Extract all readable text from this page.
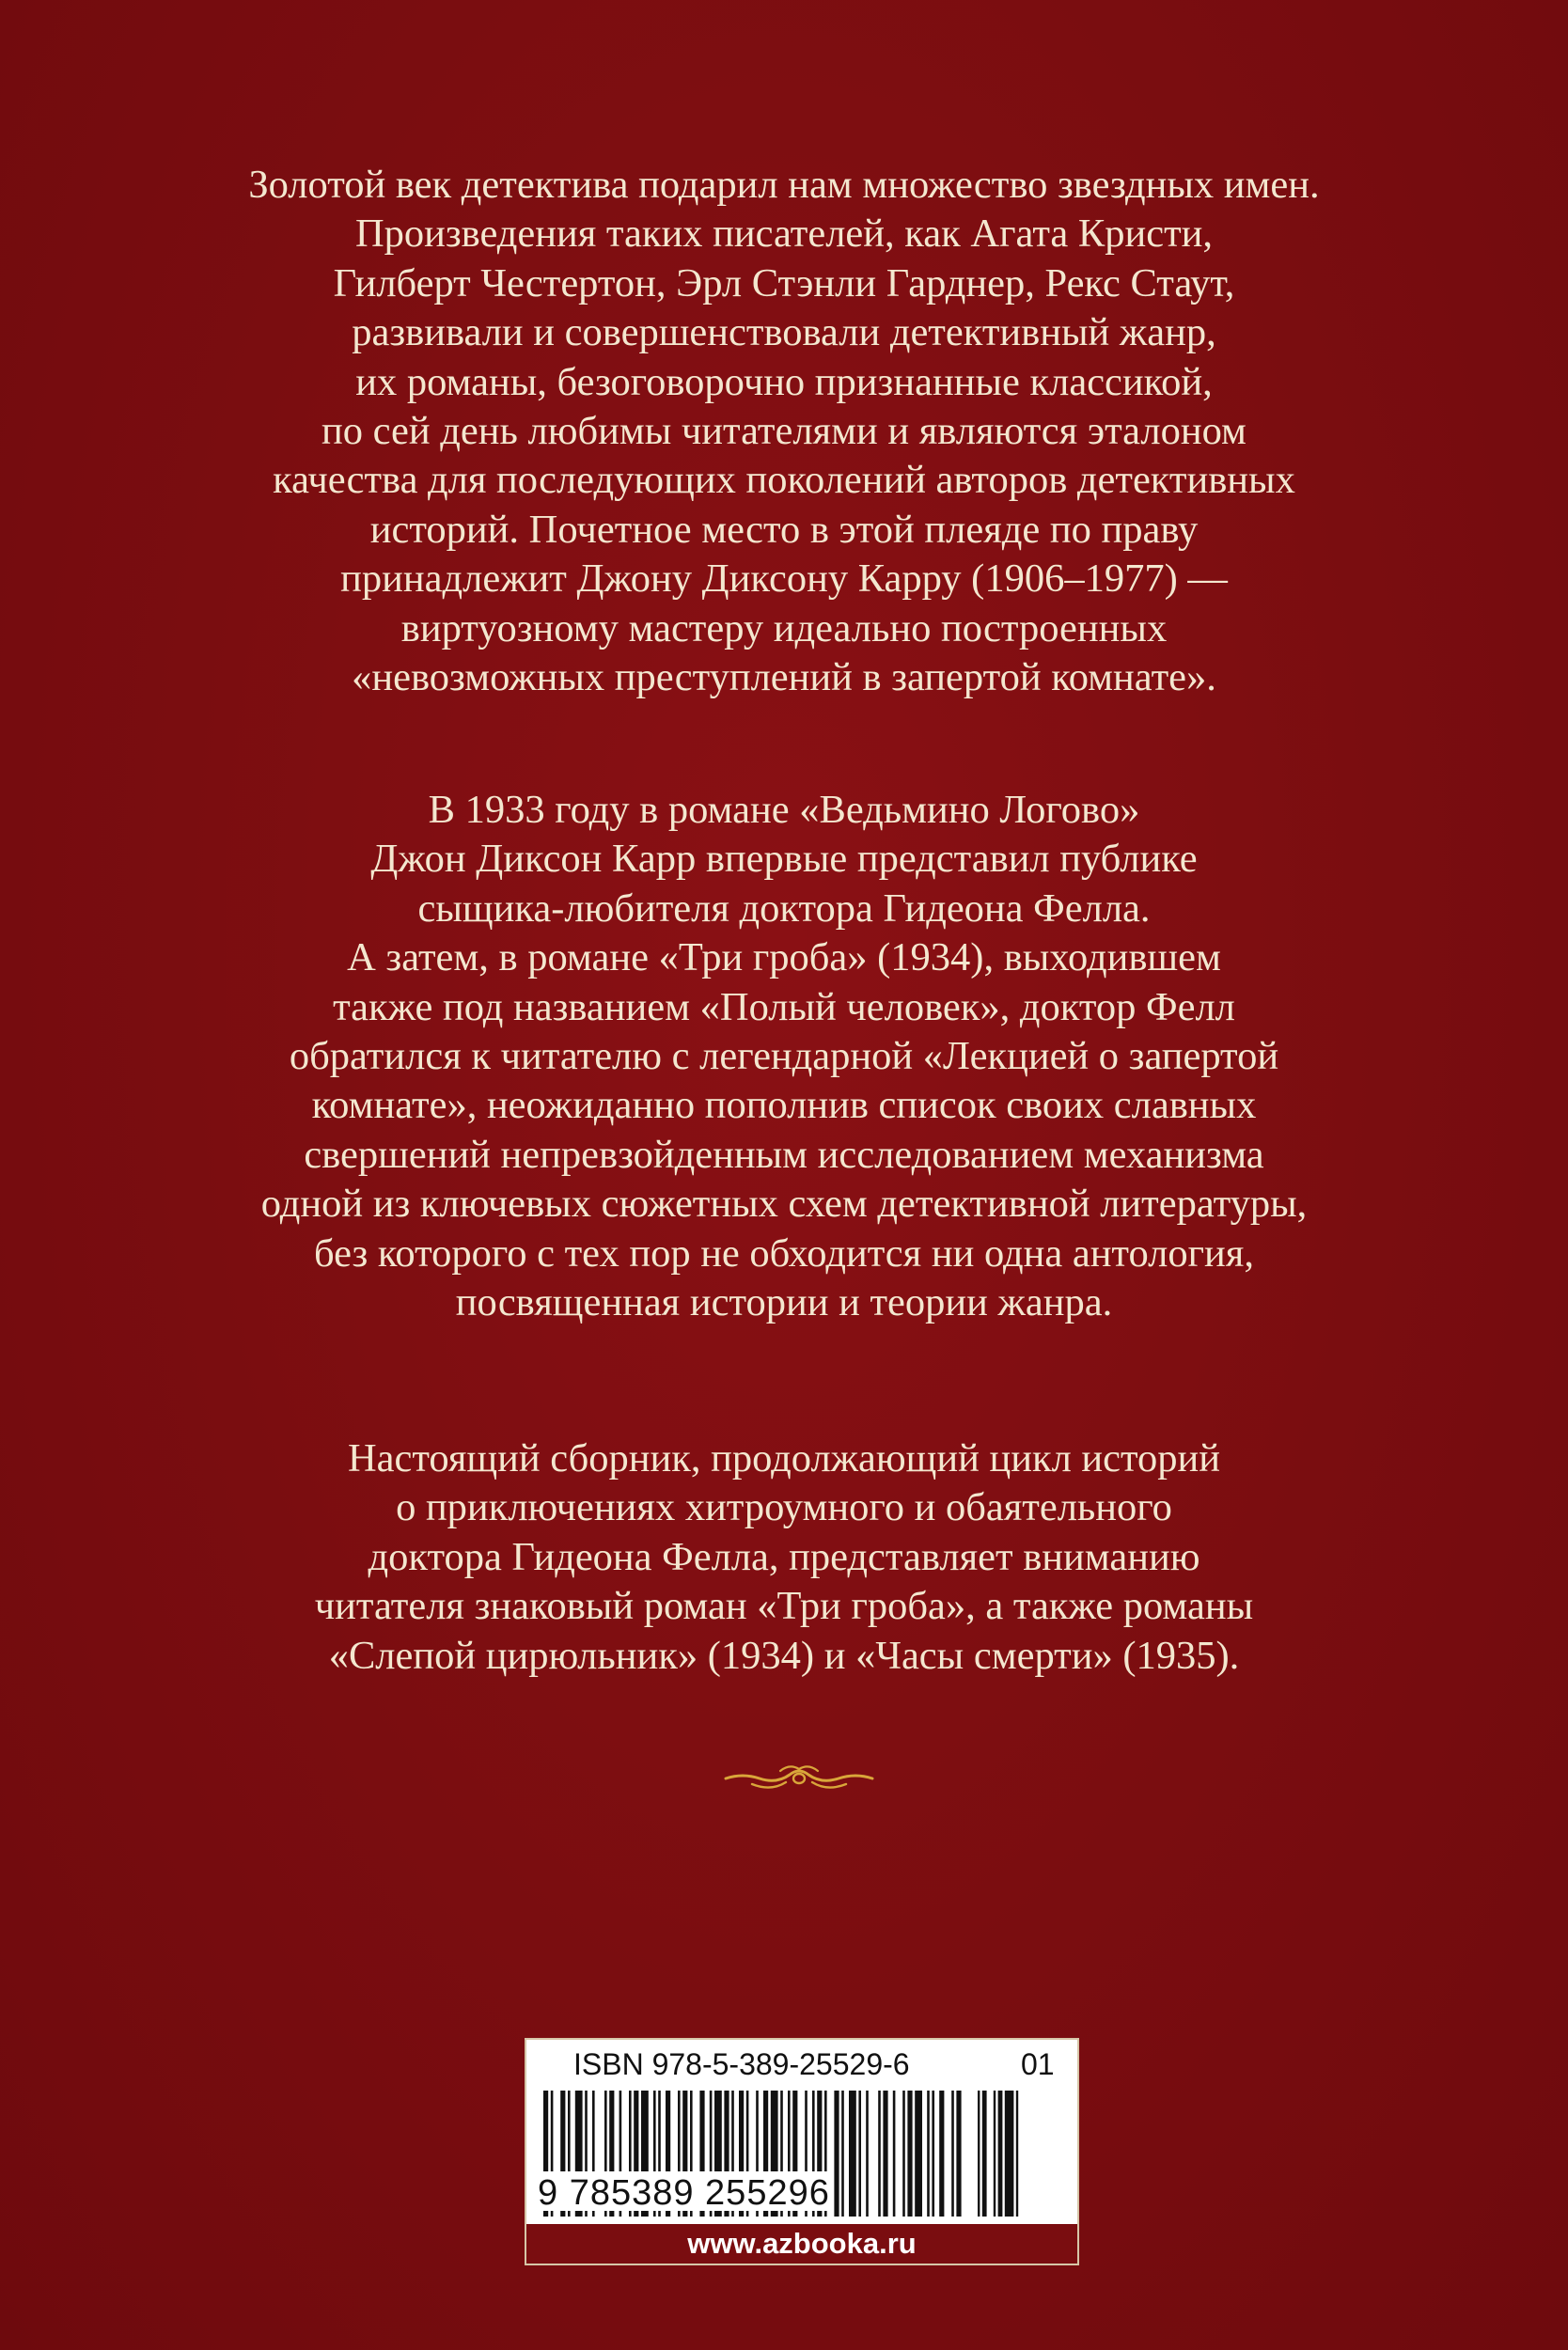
Золотой век детектива подарил нам множество звездных имен.
Произведения таких писателей, как Агата Кристи,
Гилберт Честертон, Эрл Стэнли Гарднер, Рекс Стаут,
развивали и совершенствовали детективный жанр,
их романы, безоговорочно признанные классикой,
по сей день любимы читателями и являются эталоном
качества для последующих поколений авторов детективных
историй. Почетное место в этой плеяде по праву
принадлежит Джону Диксону Карру (1906–1977) —
виртуозному мастеру идеально построенных
«невозможных преступлений в запертой комнате».
В 1933 году в романе «Ведьмино Логово»
Джон Диксон Карр впервые представил публике
сыщика-любителя доктора Гидеона Фелла.
А затем, в романе «Три гроба» (1934), выходившем
также под названием «Полый человек», доктор Фелл
обратился к читателю с легендарной «Лекцией о запертой
комнате», неожиданно пополнив список своих славных
свершений непревзойденным исследованием механизма
одной из ключевых сюжетных схем детективной литературы,
без которого с тех пор не обходится ни одна антология,
посвященная истории и теории жанра.
Настоящий сборник, продолжающий цикл историй
о приключениях хитроумного и обаятельного
доктора Гидеона Фелла, представляет вниманию
читателя знаковый роман «Три гроба», а также романы
«Слепой цирюльник» (1934) и «Часы смерти» (1935).
ISBN 978-5-389-25529-6	01
9 785389 255296
www.azbooka.ru
